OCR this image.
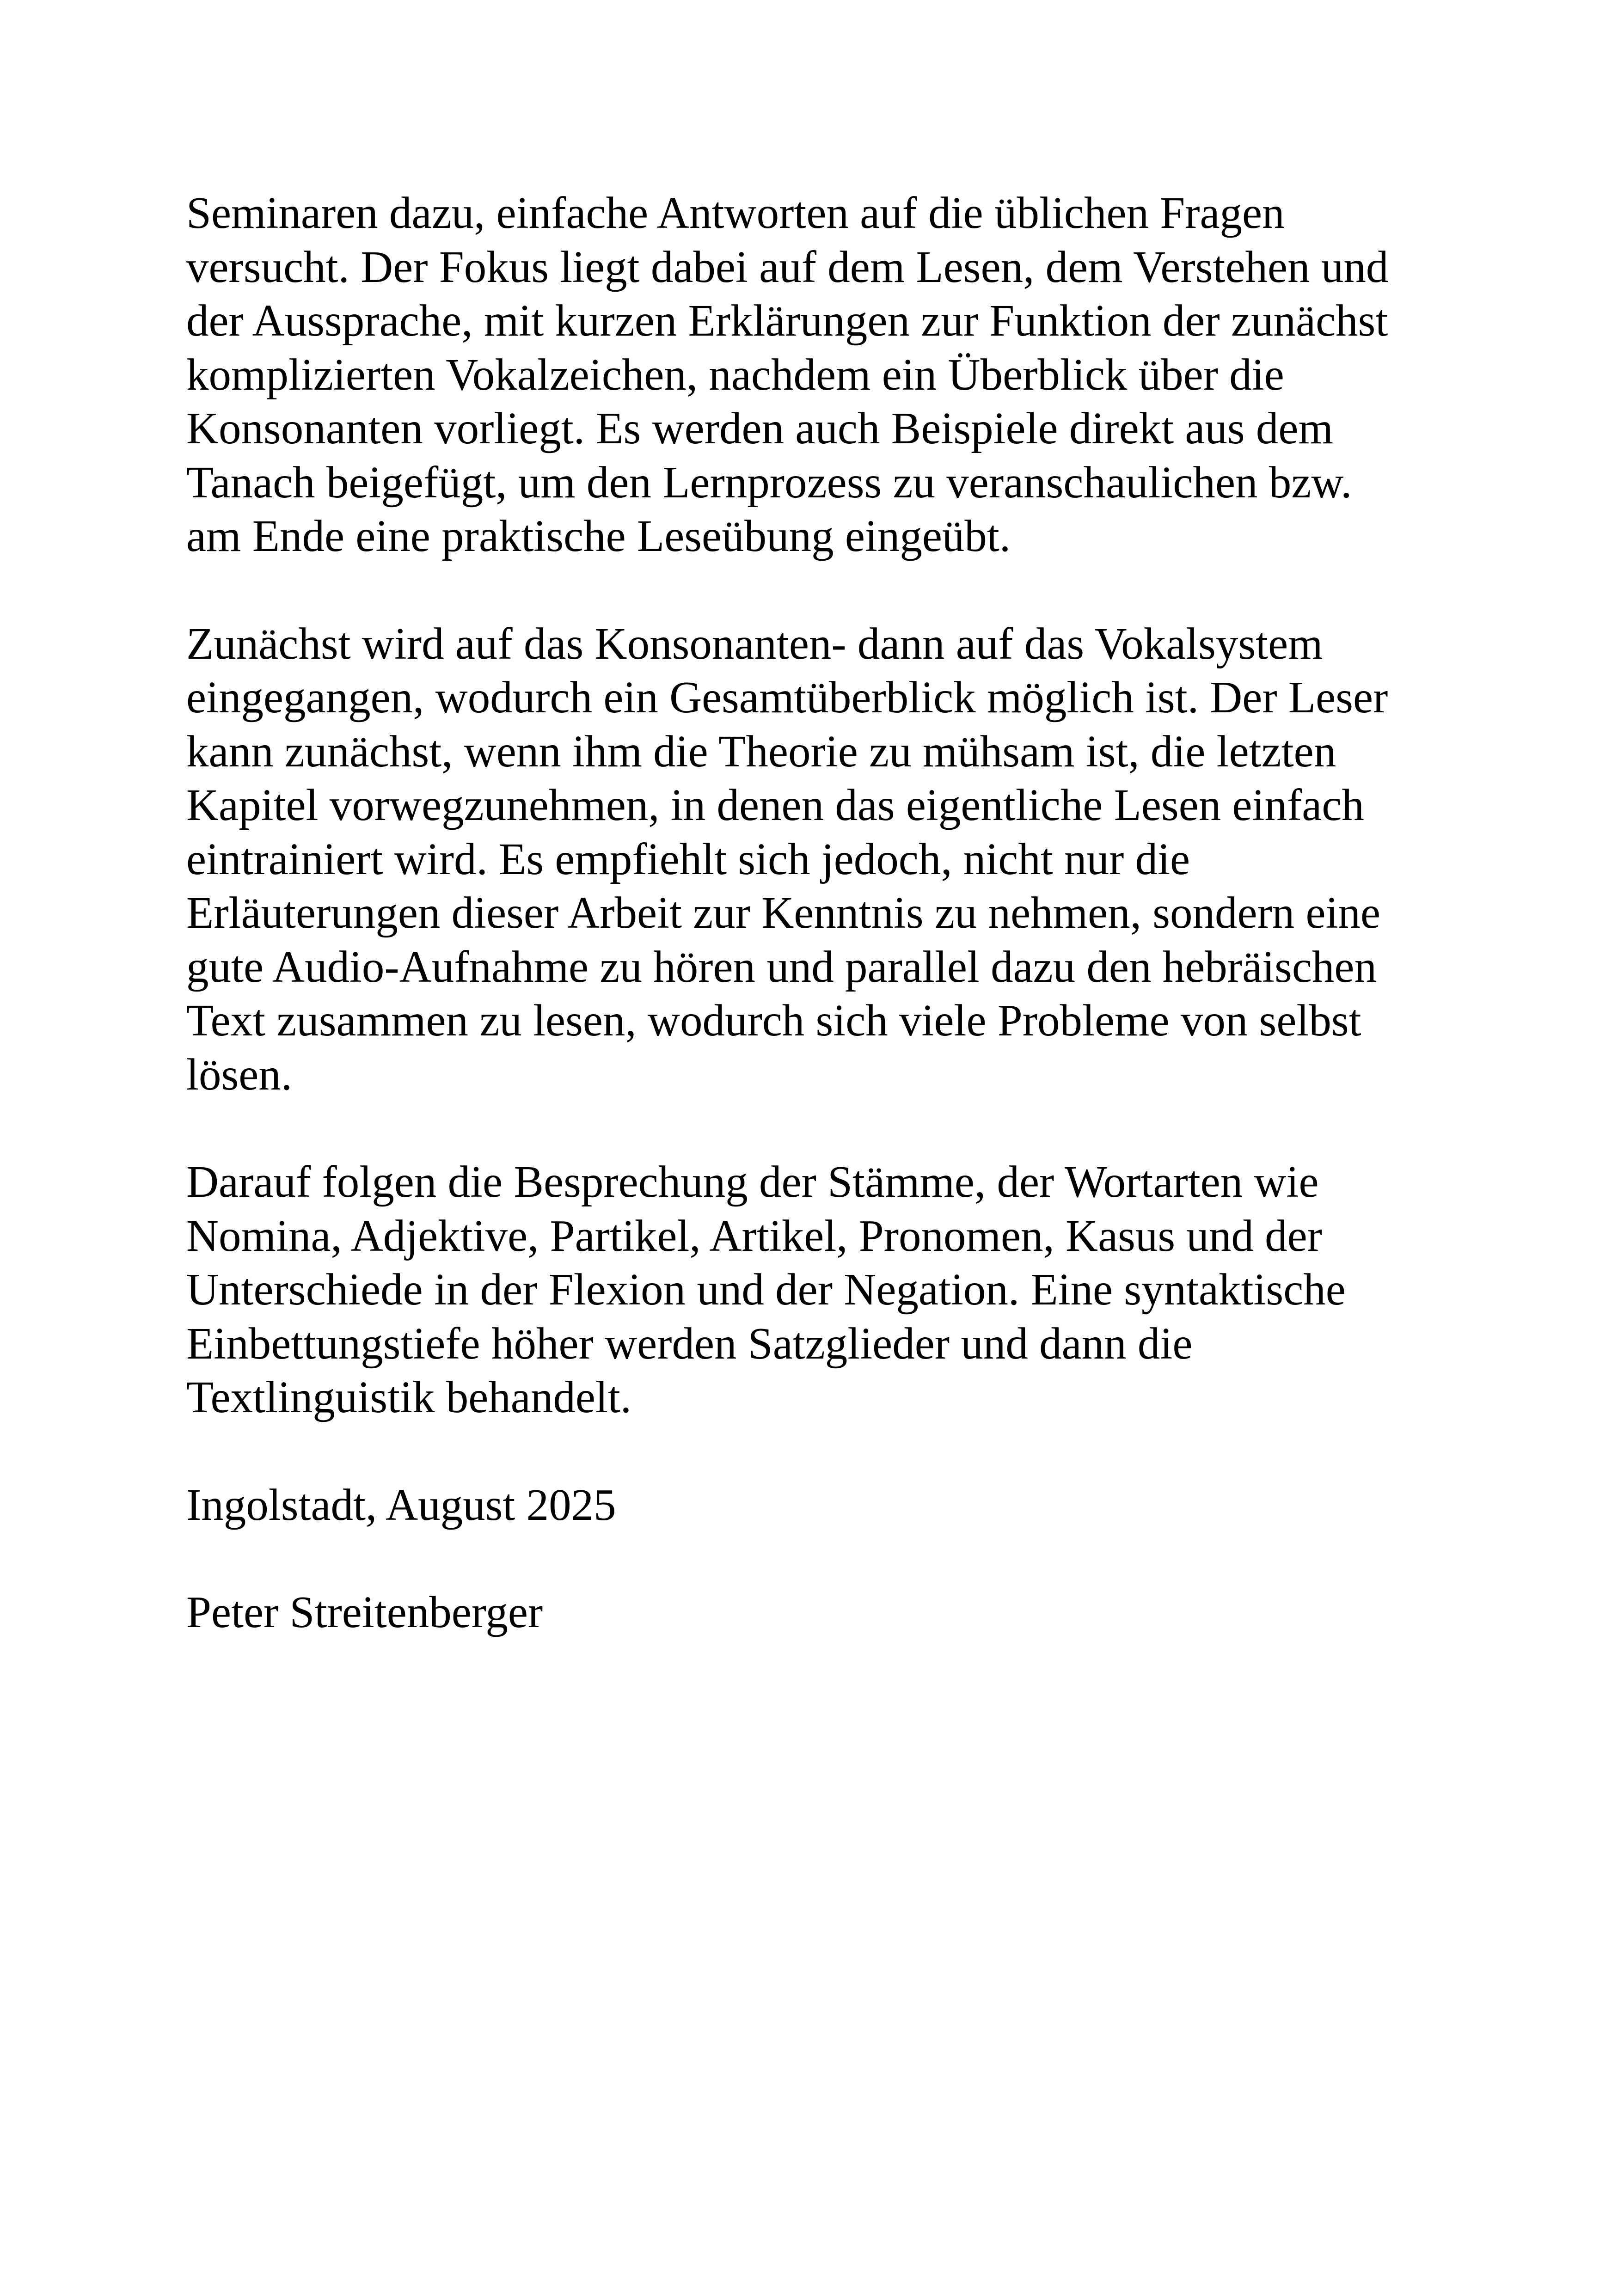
Seminaren dazu, einfache Antworten auf die üblichen Fragen
versucht. Der Fokus liegt dabei auf dem Lesen, dem Verstehen und
der Aussprache, mit kurzen Erklärungen zur Funktion der zunächst
komplizierten Vokalzeichen, nachdem ein Überblick über die
Konsonanten vorliegt. Es werden auch Beispiele direkt aus dem
Tanach beigefügt, um den Lernprozess zu veranschaulichen bzw.
am Ende eine praktische Leseübung eingeübt.

Zunächst wird auf das Konsonanten- dann auf das Vokalsystem
eingegangen, wodurch ein Gesamtüberblick möglich ist. Der Leser
kann zunächst, wenn ihm die Theorie zu mühsam ist, die letzten
Kapitel vorwegzunehmen, in denen das eigentliche Lesen einfach
eintrainiert wird. Es empfiehlt sich jedoch, nicht nur die
Erläuterungen dieser Arbeit zur Kenntnis zu nehmen, sondern eine
gute Audio-Aufnahme zu hören und parallel dazu den hebräischen
Text zusammen zu lesen, wodurch sich viele Probleme von selbst
lösen.

Darauf folgen die Besprechung der Stämme, der Wortarten wie
Nomina, Adjektive, Partikel, Artikel, Pronomen, Kasus und der
Unterschiede in der Flexion und der Negation. Eine syntaktische
Einbettungstiefe höher werden Satzglieder und dann die
Textlinguistik behandelt.

Ingolstadt, August 2025

Peter Streitenberger
